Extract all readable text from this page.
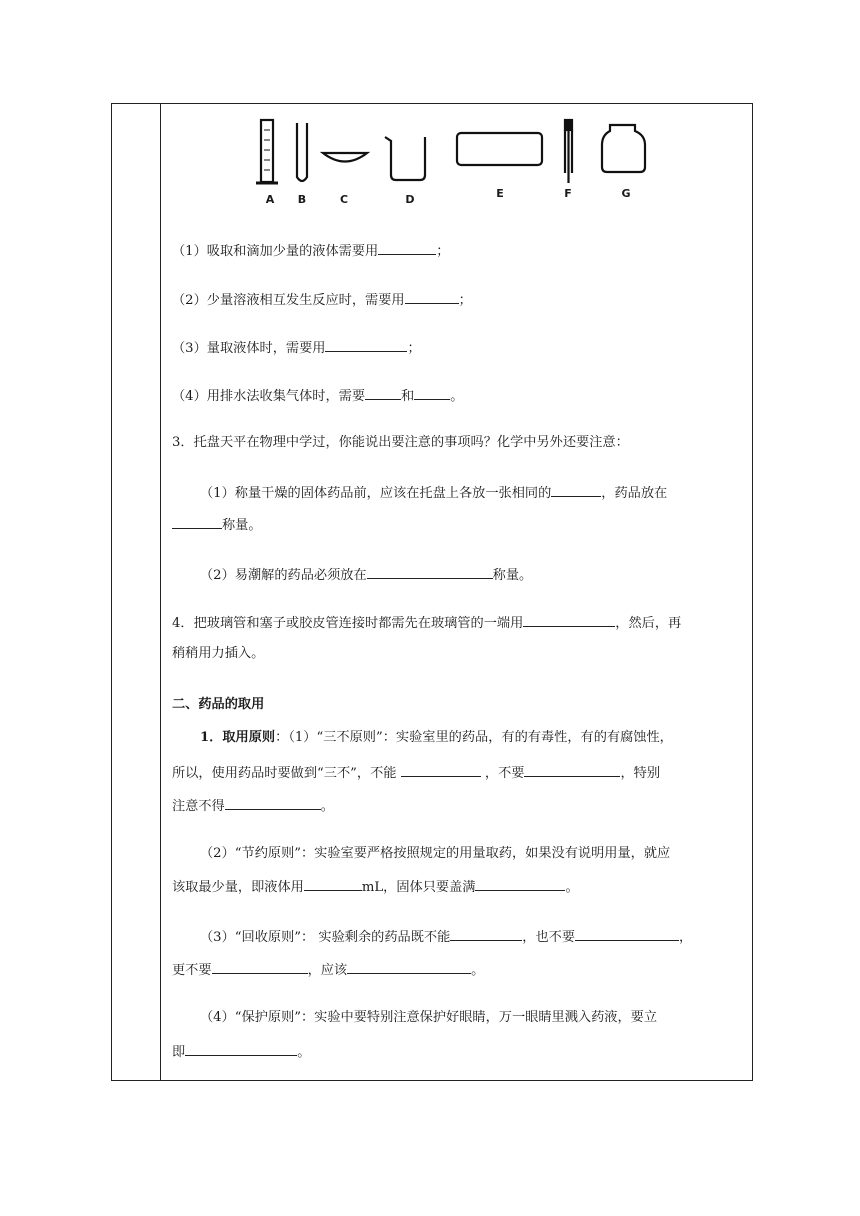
A B	C	D	E	F	G
（1）吸取和滴加少量的液体需要用	；
（2）少量溶液相互发生反应时，需要用	；
（3）量取液体时，需要用	；
（4）用排水法收集气体时，需要	和	。
3．托盘天平在物理中学过，你能说出要注意的事项吗？化学中另外还要注意：
（1）称量干燥的固体药品前，应该在托盘上各放一张相同的	，药品放在
称量。
（2）易潮解的药品必须放在	称量。
4．把玻璃管和塞子或胶皮管连接时都需先在玻璃管的一端用	，然后，再
稍稍用力插入。
二、药品的取用
1．取用原则：（1）“三不原则”：实验室里的药品，有的有毒性，有的有腐蚀性，
所以，使用药品时要做到“三不”，不能	，不要	，特别
注意不得	。
（2）“节约原则”：实验室要严格按照规定的用量取药，如果没有说明用量，就应
该取最少量，即液体用	mL，固体只要盖满	。
（3）“回收原则”： 实验剩余的药品既不能	，也不要	，
更不要	，应该	。
（4）“保护原则”：实验中要特别注意保护好眼睛，万一眼睛里溅入药液，要立
即	。
